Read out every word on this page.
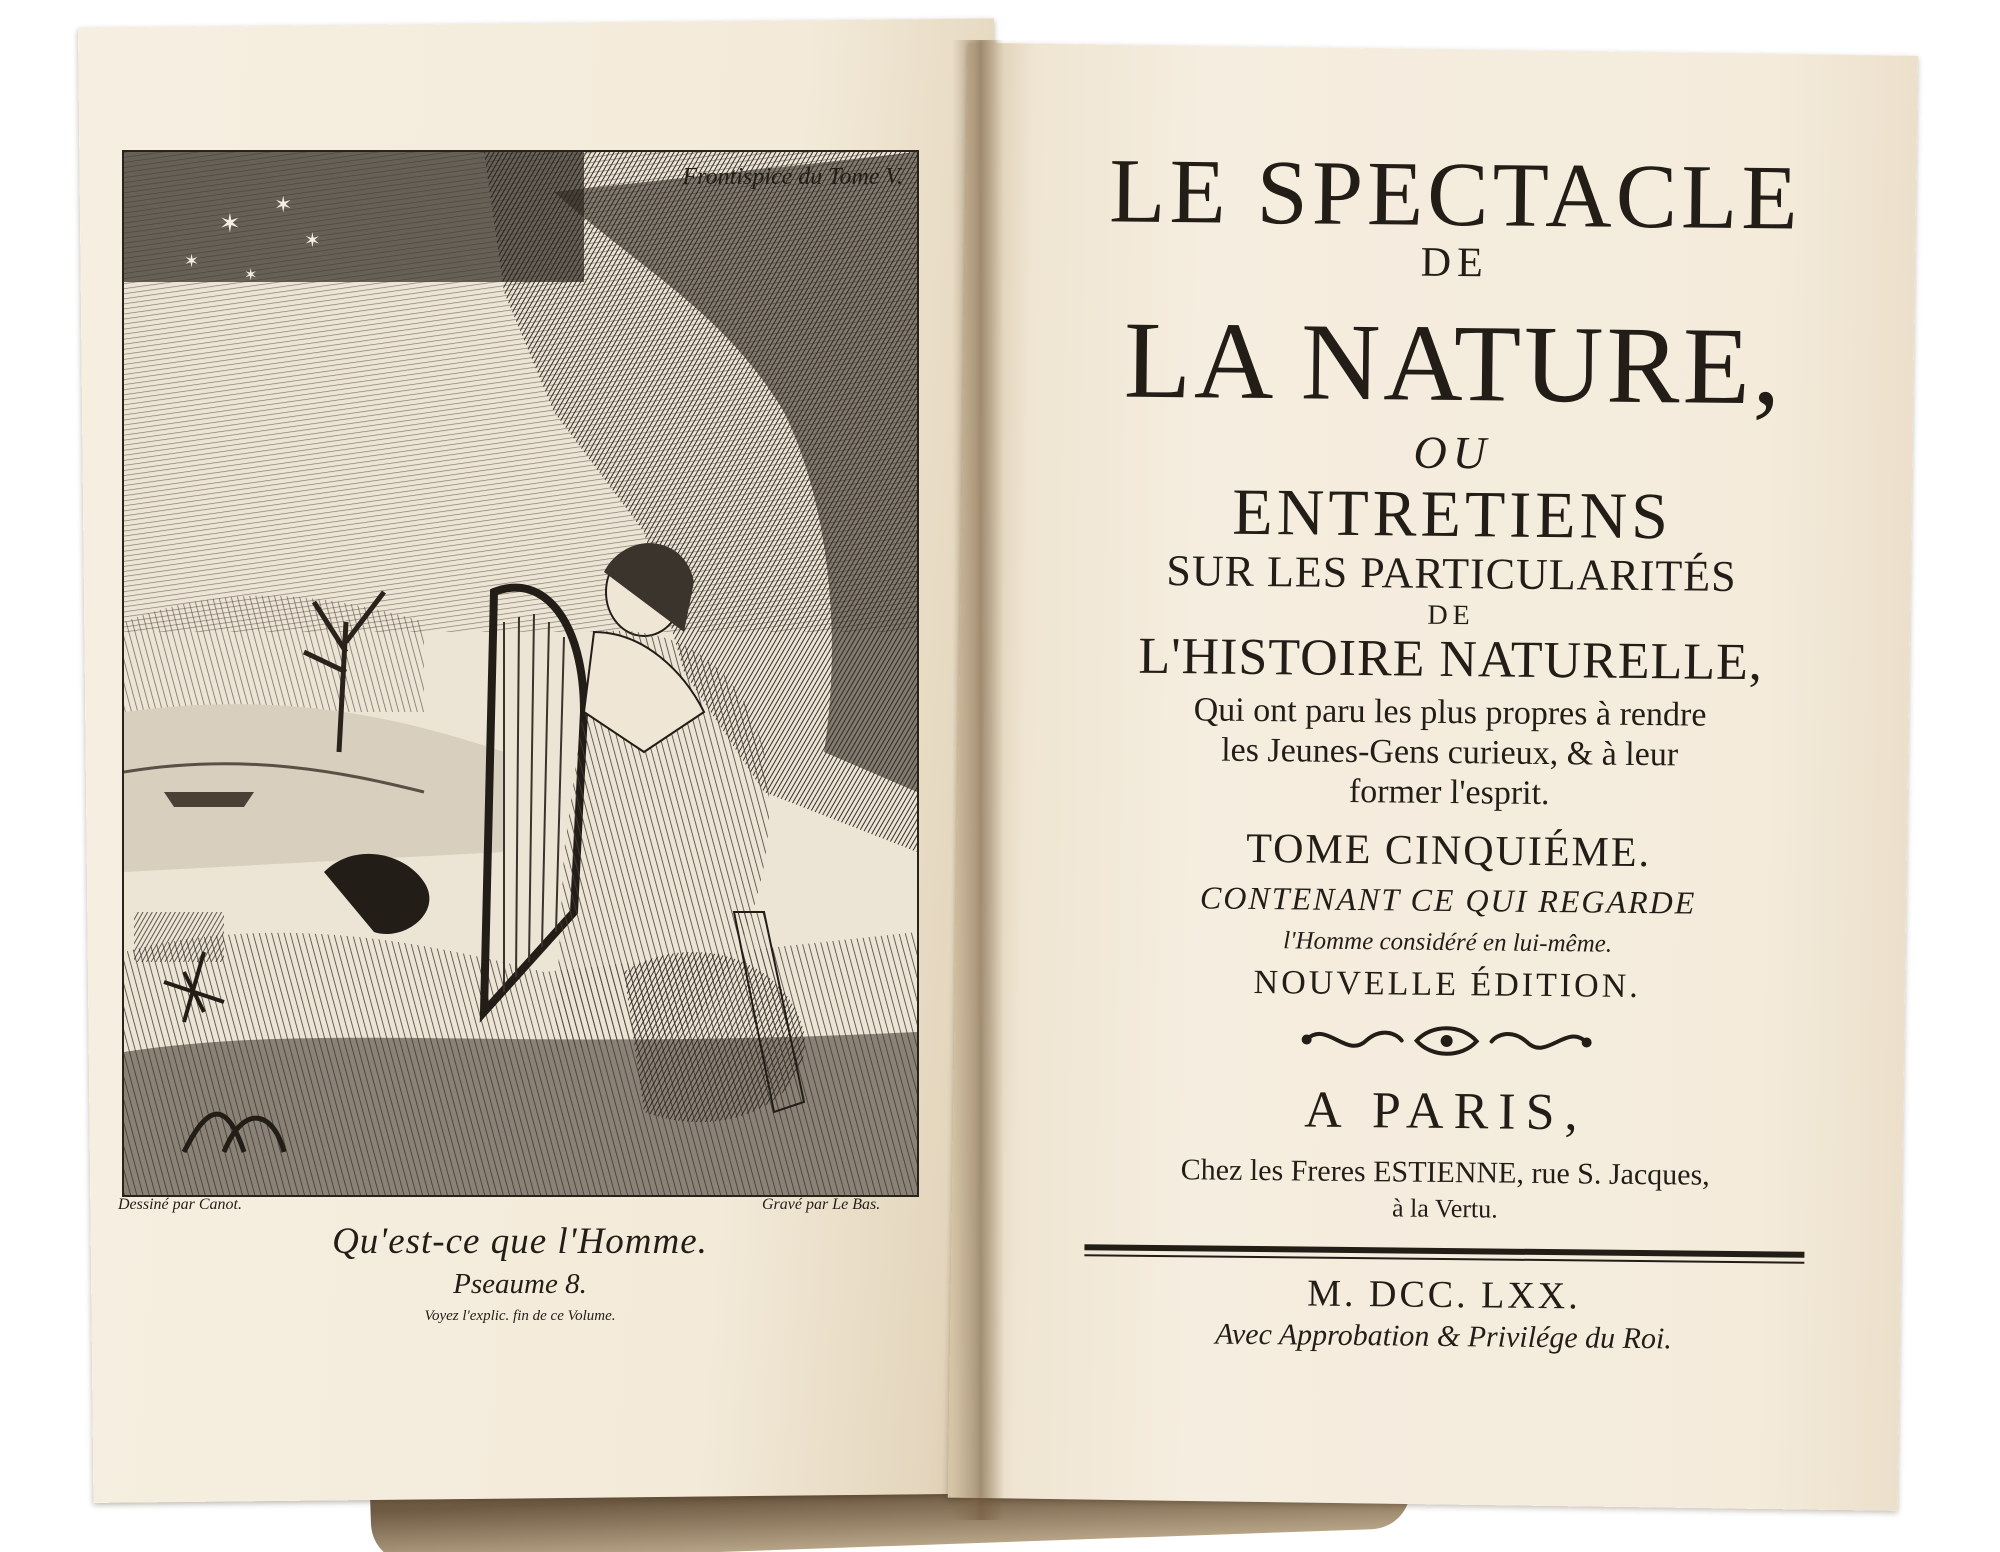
✶
✶
✶
✶
✶
Frontispice du Tome V.
Dessiné par Canot.	Gravé par Le Bas.
Qu'est-ce que l'Homme.
Pseaume 8.
Voyez l'explic. fin de ce Volume.
LE SPECTACLE
DE
LA NATURE,
OU
ENTRETIENS
SUR LES PARTICULARITÉS
DE
L'HISTOIRE NATURELLE,
Qui ont paru les plus propres à rendre
les Jeunes-Gens curieux, & à leur
former l'esprit.
TOME CINQUIÉME.
CONTENANT CE QUI REGARDE
l'Homme considéré en lui-même.
NOUVELLE ÉDITION.
A PARIS,
Chez les Freres ESTIENNE, rue S. Jacques,
à la Vertu.
M. DCC. LXX.
Avec Approbation & Privilége du Roi.
